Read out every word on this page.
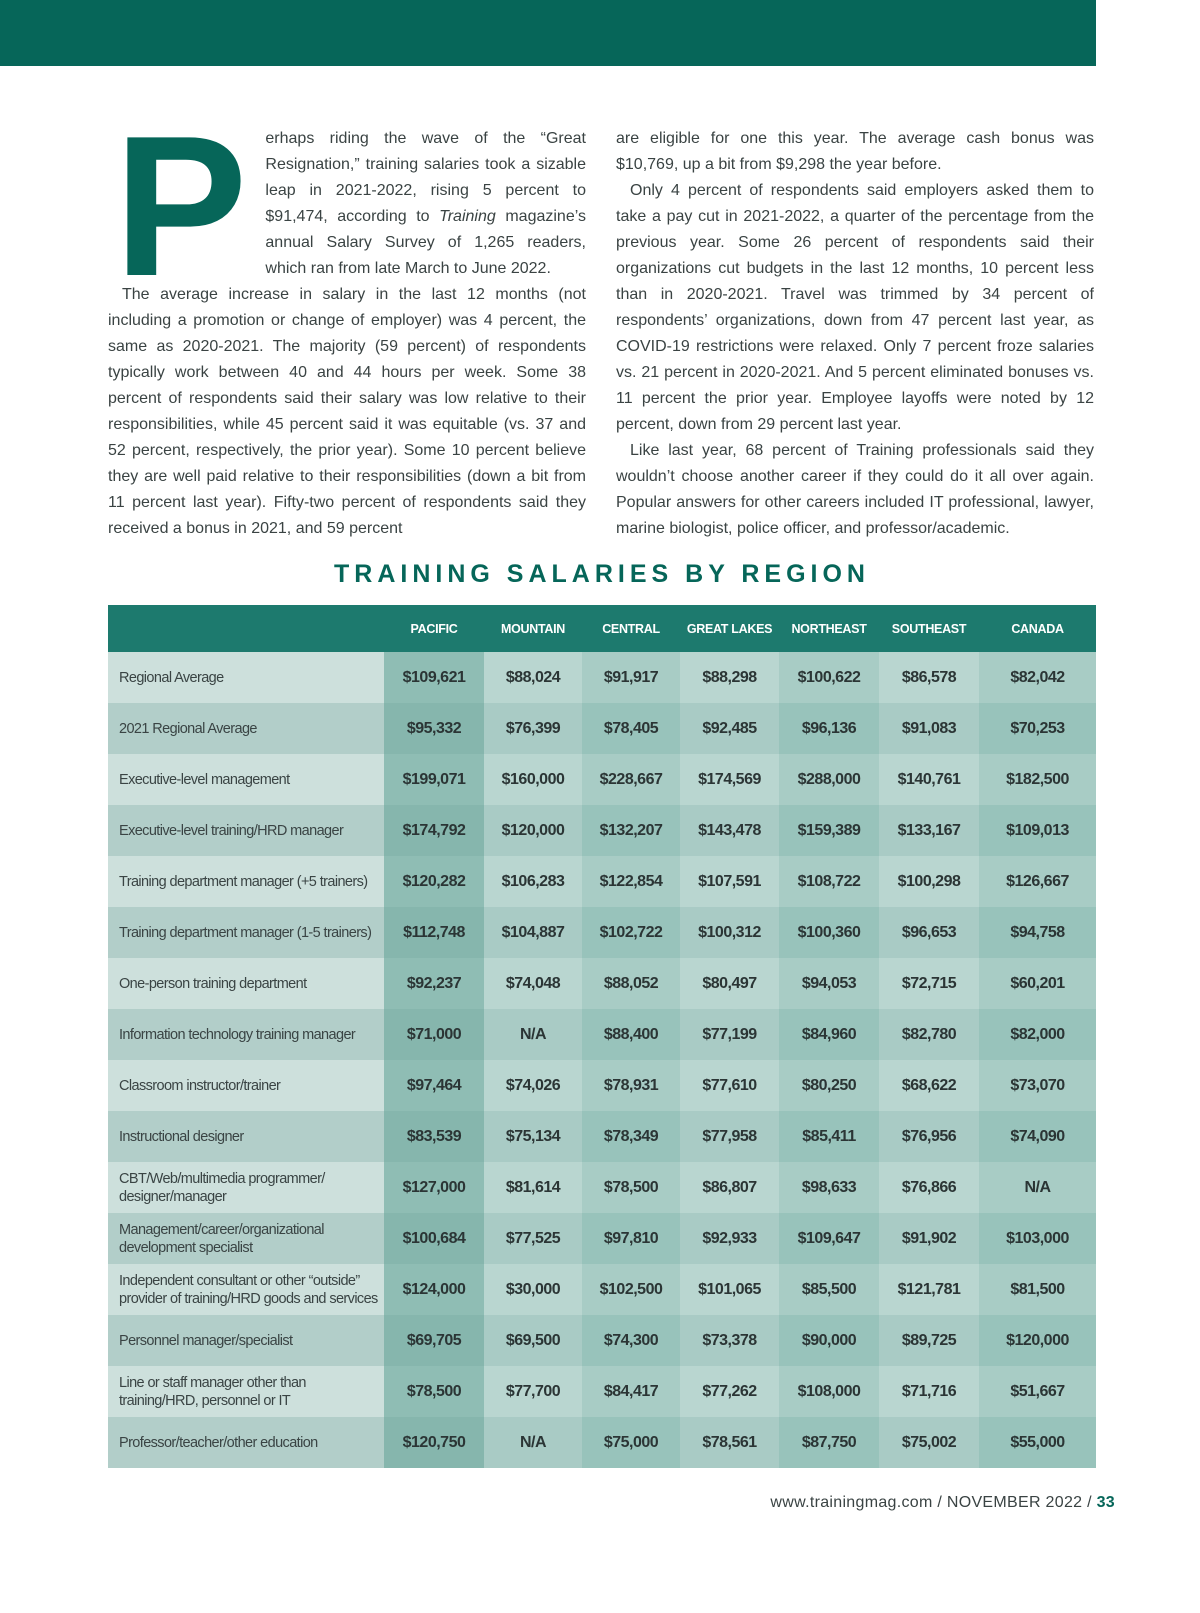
P	erhaps riding the wave of the “Great Resignation,” training salaries took a sizable leap in 2021-2022, rising 5 percent to $91,474, according to Training magazine’s annual Salary Survey of 1,265 readers, which ran from late March to June 2022.

The average increase in salary in the last 12 months (not including a promotion or change of employer) was 4 percent, the same as 2020-2021. The majority (59 percent) of respondents typically work between 40 and 44 hours per week. Some 38 percent of respondents said their salary was low relative to their responsibilities, while 45 percent said it was equitable (vs. 37 and 52 percent, respectively, the prior year). Some 10 percent believe they are well paid relative to their responsibilities (down a bit from 11 percent last year). Fifty-two percent of respondents said they received a bonus in 2021, and 59 percent

are eligible for one this year. The average cash bonus was $10,769, up a bit from $9,298 the year before.

Only 4 percent of respondents said employers asked them to take a pay cut in 2021-2022, a quarter of the percentage from the previous year. Some 26 percent of respondents said their organizations cut budgets in the last 12 months, 10 percent less than in 2020-2021. Travel was trimmed by 34 percent of respondents’ organizations, down from 47 percent last year, as COVID-19 restrictions were relaxed. Only 7 percent froze salaries vs. 21 percent in 2020-2021. And 5 percent eliminated bonuses vs. 11 percent the prior year. Employee layoffs were noted by 12 percent, down from 29 percent last year.

Like last year, 68 percent of Training professionals said they wouldn’t choose another career if they could do it all over again. Popular answers for other careers included IT professional, lawyer, marine biologist, police officer, and professor/academic.

TRAINING SALARIES BY REGION
	PACIFIC	MOUNTAIN	CENTRAL	GREAT LAKES	NORTHEAST	SOUTHEAST	CANADA
Regional Average	$109,621	$88,024	$91,917	$88,298	$100,622	$86,578	$82,042
2021 Regional Average	$95,332	$76,399	$78,405	$92,485	$96,136	$91,083	$70,253
Executive-level management	$199,071	$160,000	$228,667	$174,569	$288,000	$140,761	$182,500
Executive-level training/HRD manager	$174,792	$120,000	$132,207	$143,478	$159,389	$133,167	$109,013
Training department manager (+5 trainers)	$120,282	$106,283	$122,854	$107,591	$108,722	$100,298	$126,667
Training department manager (1-5 trainers)	$112,748	$104,887	$102,722	$100,312	$100,360	$96,653	$94,758
One-person training department	$92,237	$74,048	$88,052	$80,497	$94,053	$72,715	$60,201
Information technology training manager	$71,000	N/A	$88,400	$77,199	$84,960	$82,780	$82,000
Classroom instructor/trainer	$97,464	$74,026	$78,931	$77,610	$80,250	$68,622	$73,070
Instructional designer	$83,539	$75,134	$78,349	$77,958	$85,411	$76,956	$74,090
CBT/Web/multimedia programmer/ designer/manager	$127,000	$81,614	$78,500	$86,807	$98,633	$76,866	N/A
Management/career/organizational development specialist	$100,684	$77,525	$97,810	$92,933	$109,647	$91,902	$103,000
Independent consultant or other “outside” provider of training/HRD goods and services	$124,000	$30,000	$102,500	$101,065	$85,500	$121,781	$81,500
Personnel manager/specialist	$69,705	$69,500	$74,300	$73,378	$90,000	$89,725	$120,000
Line or staff manager other than training/HRD, personnel or IT	$78,500	$77,700	$84,417	$77,262	$108,000	$71,716	$51,667
Professor/teacher/other education	$120,750	N/A	$75,000	$78,561	$87,750	$75,002	$55,000
www.trainingmag.com / NOVEMBER 2022 / 33
